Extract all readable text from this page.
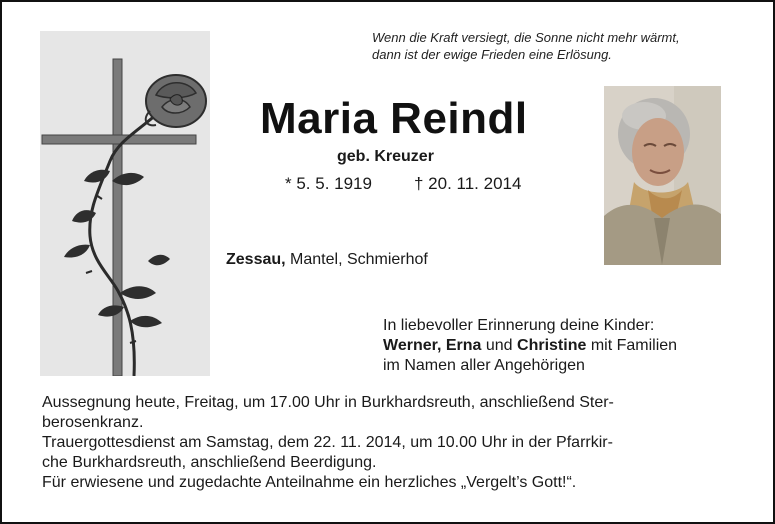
Wenn die Kraft versiegt, die Sonne nicht mehr wärmt,
dann ist der ewige Frieden eine Erlösung.
Maria Reindl
geb. Kreuzer
* 5. 5. 1919 † 20. 11. 2014
Zessau, Mantel, Schmierhof
In liebevoller Erinnerung deine Kinder:
Werner, Erna und Christine mit Familien
im Namen aller Angehörigen
Aussegnung heute, Freitag, um 17.00 Uhr in Burkhardsreuth, anschließend Ster-
berosenkranz.
Trauergottesdienst am Samstag, dem 22. 11. 2014, um 10.00 Uhr in der Pfarrkir-
che Burkhardsreuth, anschließend Beerdigung.
Für erwiesene und zugedachte Anteilnahme ein herzliches „Vergelt’s Gott!“.
